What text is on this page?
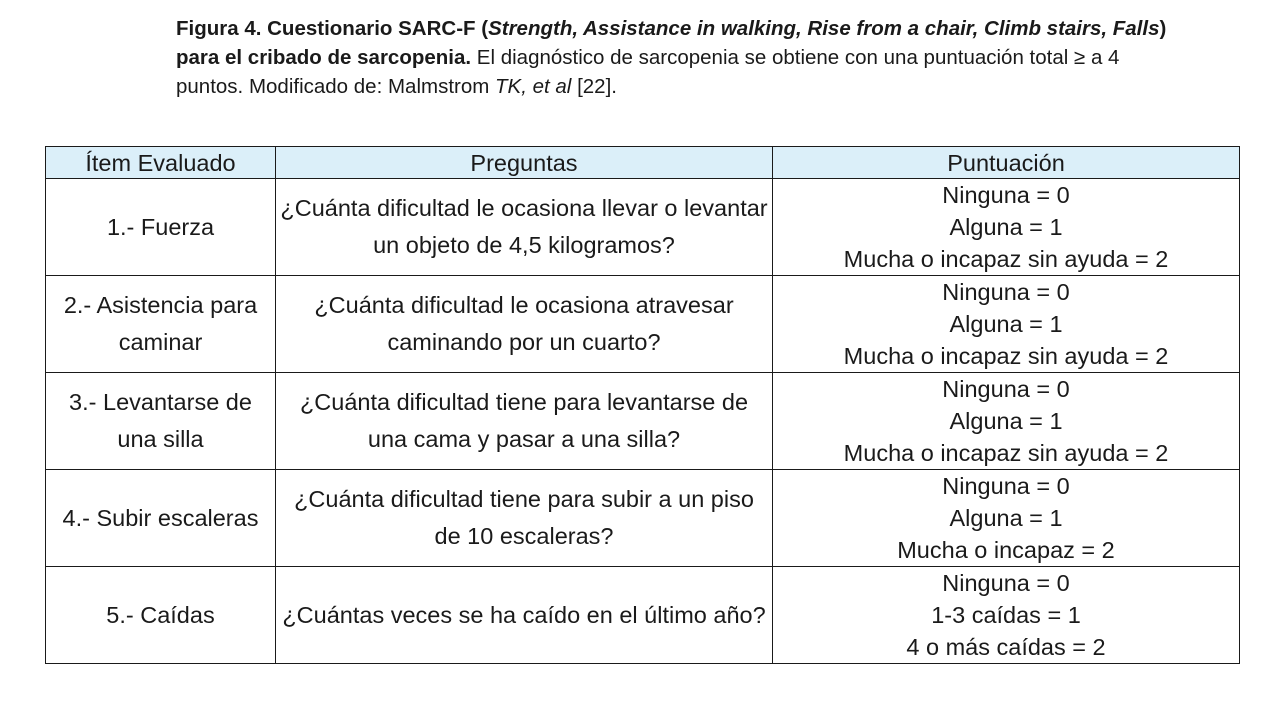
Figura 4. Cuestionario SARC-F (Strength, Assistance in walking, Rise from a chair, Climb stairs, Falls) para el cribado de sarcopenia. El diagnóstico de sarcopenia se obtiene con una puntuación total ≥ a 4 puntos. Modificado de: Malmstrom TK, et al [22].
Ítem Evaluado	Preguntas	Puntuación
1.- Fuerza	¿Cuánta dificultad le ocasiona llevar o levantar un objeto de 4,5 kilogramos?	Ninguna = 0
Alguna = 1
Mucha o incapaz sin ayuda = 2

2.- Asistencia para caminar	¿Cuánta dificultad le ocasiona atravesar caminando por un cuarto?	Ninguna = 0
Alguna = 1
Mucha o incapaz sin ayuda = 2

3.- Levantarse de una silla	¿Cuánta dificultad tiene para levantarse de una cama y pasar a una silla?	Ninguna = 0
Alguna = 1
Mucha o incapaz sin ayuda = 2

4.- Subir escaleras	¿Cuánta dificultad tiene para subir a un piso de 10 escaleras?	Ninguna = 0
Alguna = 1
Mucha o incapaz = 2

5.- Caídas	¿Cuántas veces se ha caído en el último año?	Ninguna = 0
1-3 caídas = 1
4 o más caídas = 2
